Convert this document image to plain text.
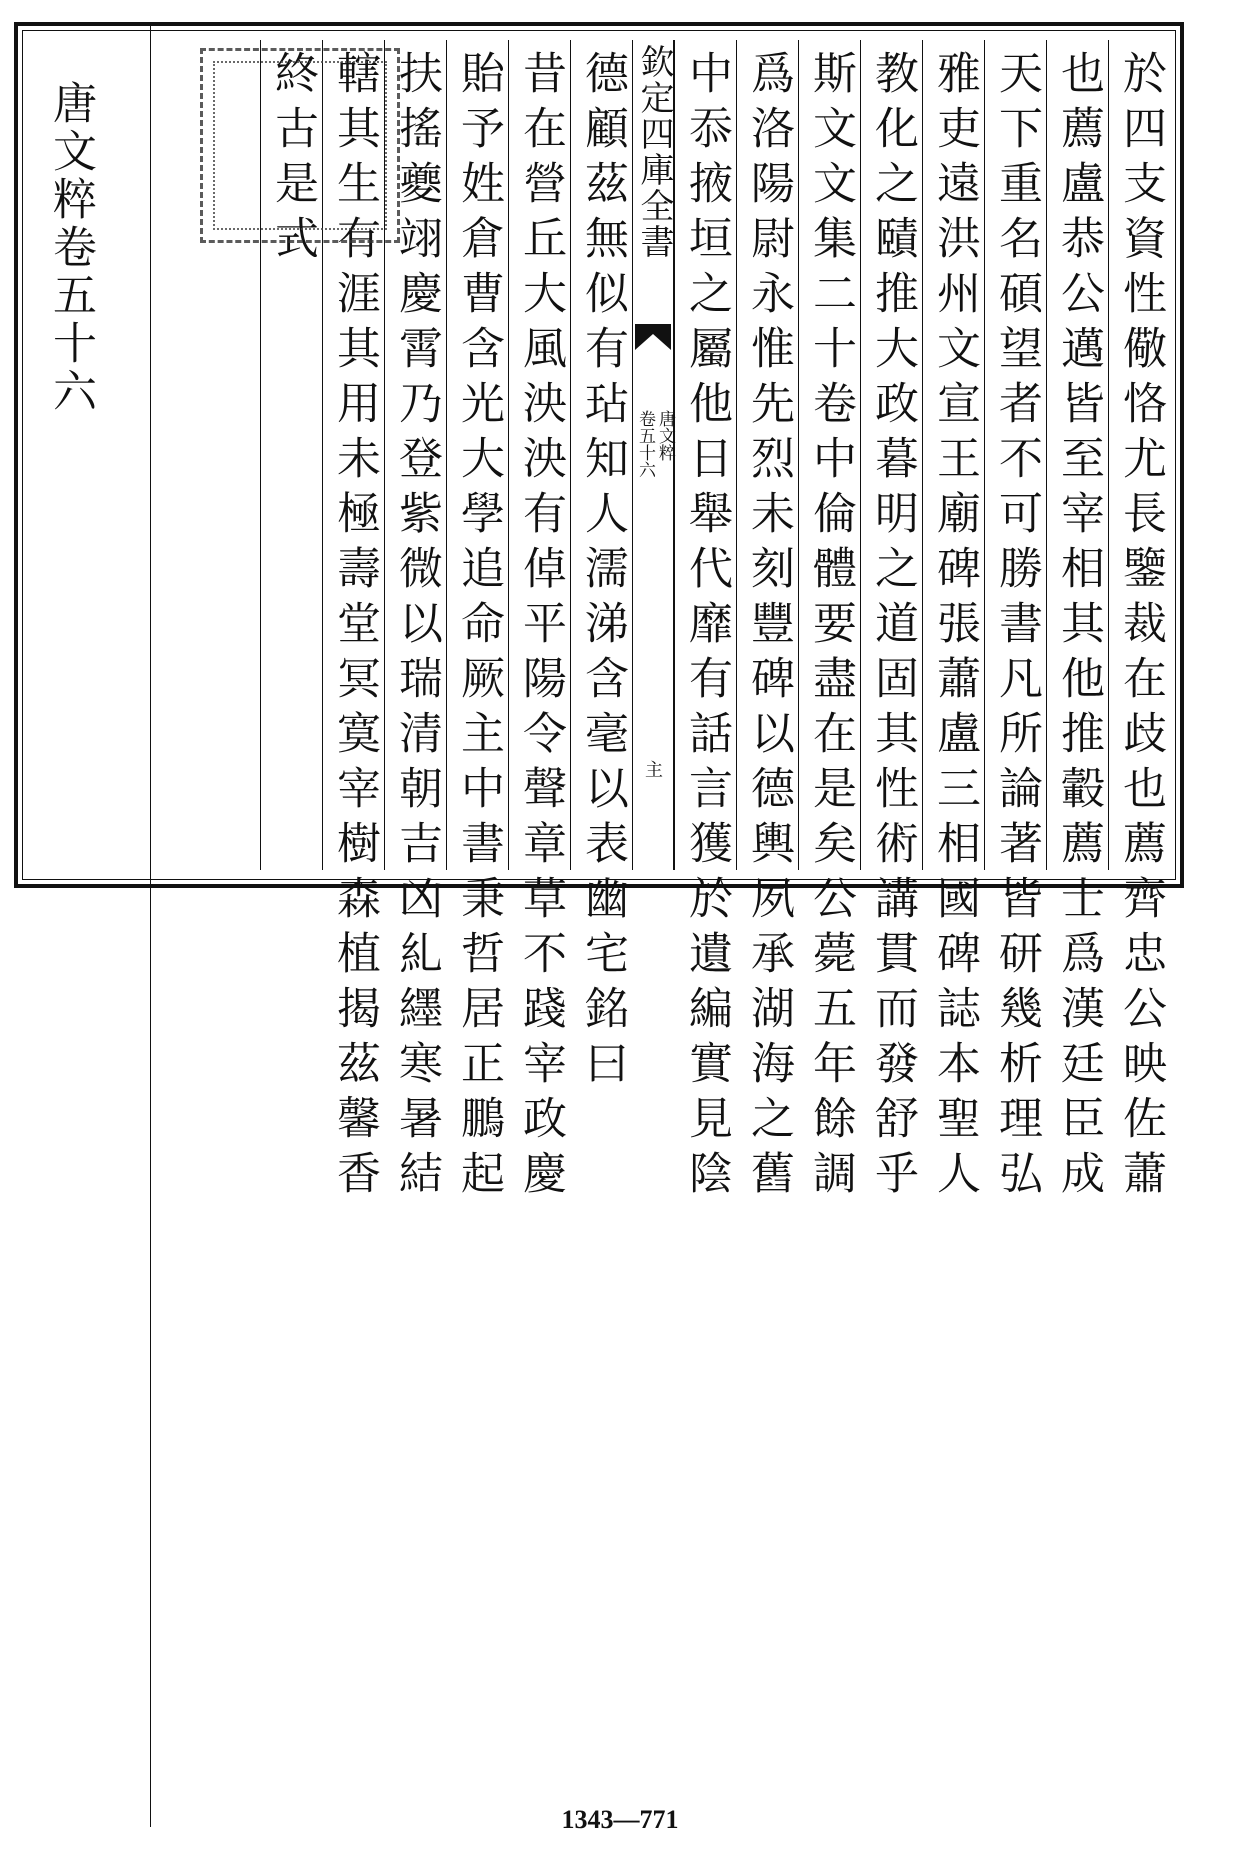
唐文粹卷五十六	於四支資性儆恪尤長鑒裁在歧也薦齊忠公映佐蕭
也薦盧恭公邁皆至宰相其他推轂薦士爲漢廷臣成
天下重名碩望者不可勝書凡所論著皆研幾析理弘
雅吏遠洪州文宣王廟碑張蕭盧三相國碑誌本聖人
教化之賾推大政暮明之道固其性術講貫而發舒乎
斯文文集二十卷中倫體要盡在是矣公薨五年餘調
爲洛陽尉永惟先烈未刻豐碑以德輿夙承湖海之舊
中忝掖垣之屬他日舉代靡有話言獲於遺編實見陰
欽定四庫全書
唐文粹
卷五十六
主
德顧茲無似有玷知人濡涕含毫以表幽宅銘曰
昔在營丘大風泱泱有倬平陽令聲章草不踐宰政慶
貽予姓倉曹含光大學追命厥主中書秉哲居正鵬起
扶搖夔翊慶霄乃登紫微以瑞清朝吉凶糺纆寒暑結
轄其生有涯其用未極壽堂冥寞宰樹森植揭茲馨香
終古是式
1343—771
